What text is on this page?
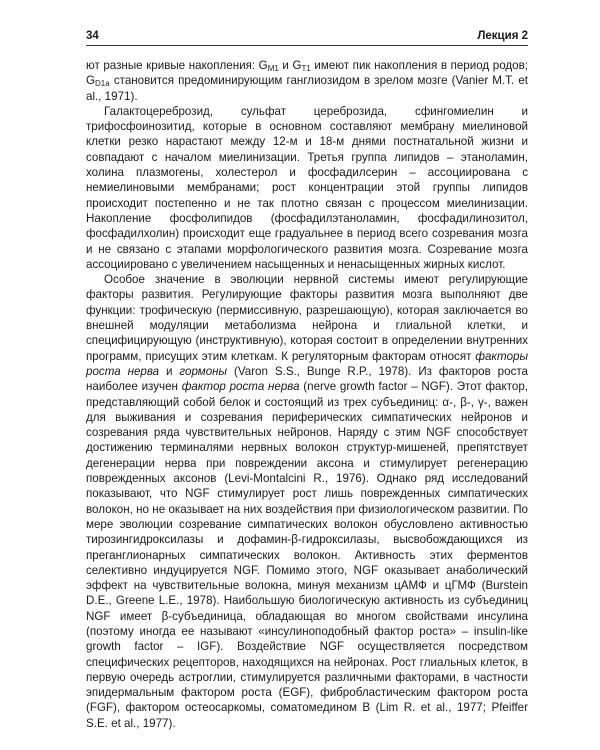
34	Лекция 2

ют разные кривые накопления: $G_{M1}$ и $G_{T1}$ имеют пик накопления в период родов; $G_{D1a}$ становится предоминирующим ганглиозидом в зрелом мозге (Vanier M.T. et al., 1971).

Галактоцереброзид, сульфат цереброзида, сфингомиелин и трифосфоинозитид, которые в основном составляют мембрану миелиновой клетки резко нарастают между 12-м и 18-м днями постнатальной жизни и совпадают с началом миелинизации. Третья группа липидов – этаноламин, холина плазмогены, холестерол и фосфадилсерин – ассоциирована с немиелиновыми мембранами; рост концентрации этой группы липидов происходит постепенно и не так плотно связан с процессом миелинизации. Накопление фосфолипидов (фосфадилэтаноламин, фосфадилинозитол, фосфадилхолин) происходит еще градуальнее в период всего созревания мозга и не связано с этапами морфологического развития мозга. Созревание мозга ассоциировано с увеличением насыщенных и ненасыщенных жирных кислот.

Особое значение в эволюции нервной системы имеют регулирующие факторы развития. Регулирующие факторы развития мозга выполняют две функции: трофическую (пермиссивную, разрешающую), которая заключается во внешней модуляции метаболизма нейрона и глиальной клетки, и специфицирующую (инструктивную), которая состоит в определении внутренних программ, присущих этим клеткам. К регуляторным факторам относят факторы роста нерва и гормоны (Varon S.S., Bunge R.P., 1978). Из факторов роста наиболее изучен фактор роста нерва (nerve growth factor – NGF). Этот фактор, представляющий собой белок и состоящий из трех субъединиц: α-, β-, γ-, важен для выживания и созревания периферических симпатических нейронов и созревания ряда чувствительных нейронов. Наряду с этим NGF способствует достижению терминалями нервных волокон структур-мишеней, препятствует дегенерации нерва при повреждении аксона и стимулирует регенерацию поврежденных аксонов (Levi-Montalcini R., 1976). Однако ряд исследований показывают, что NGF стимулирует рост лишь поврежденных симпатических волокон, но не оказывает на них воздействия при физиологическом развитии. По мере эволюции созревание симпатических волокон обусловлено активностью тирозингидроксилазы и дофамин-β-гидроксилазы, высвобождающихся из преганглионарных симпатических волокон. Активность этих ферментов селективно индуцируется NGF. Помимо этого, NGF оказывает анаболический эффект на чувствительные волокна, минуя механизм цАМФ и цГМФ (Burstein D.E., Greene L.E., 1978). Наибольшую биологическую активность из субъединиц NGF имеет β-субъединица, обладающая во многом свойствами инсулина (поэтому иногда ее называют «инсулиноподобный фактор роста» – insulin-like growth factor – IGF). Воздействие NGF осуществляется посредством специфических рецепторов, находящихся на нейронах. Рост глиальных клеток, в первую очередь астроглии, стимулируется различными факторами, в частности эпидермальным фактором роста (EGF), фибробластическим фактором роста (FGF), фактором остеосаркомы, соматомедином В (Lim R. et al., 1977; Pfeiffer S.E. et al., 1977).
